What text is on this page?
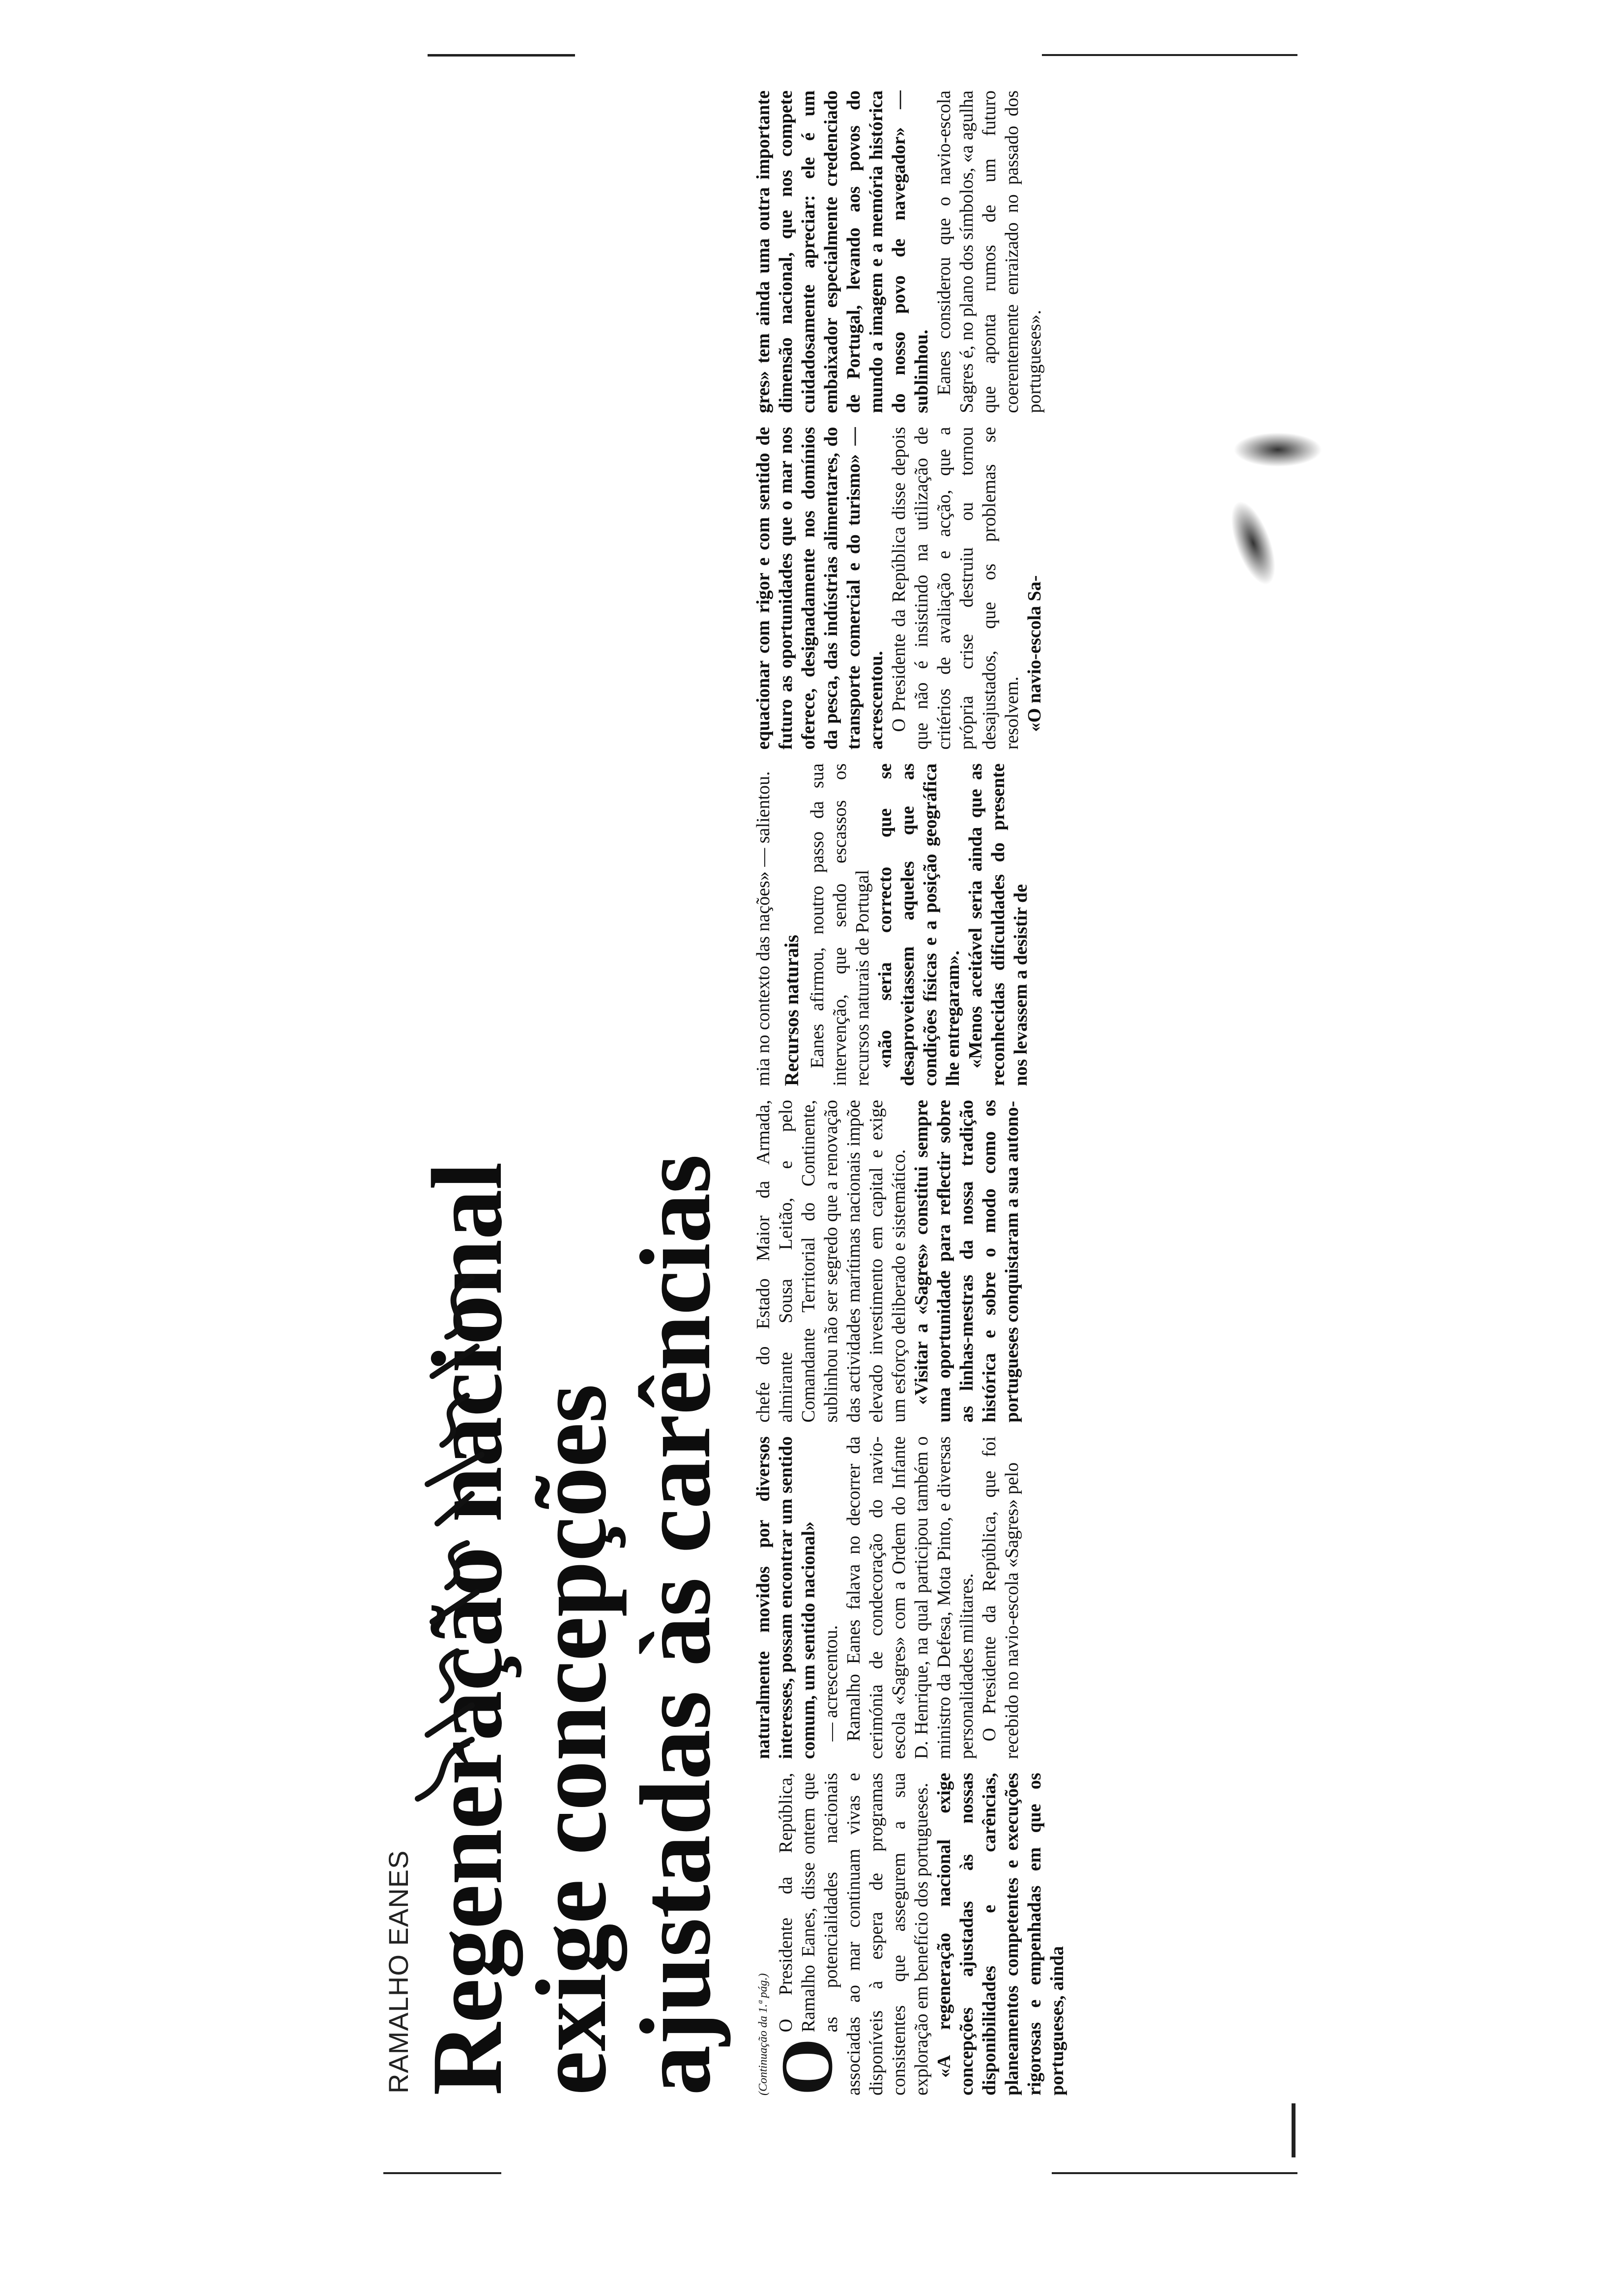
RAMALHO EANES
Regeneração nacional
exige concepções
ajustadas às carências	(Continuação da 1.ª pág.)

O
O Presidente da República, Ramalho Eanes, disse ontem que as potencialidades nacionais associadas ao mar continuam vivas e disponíveis à espera de programas consistentes que assegurem a sua exploração em benefício dos portugueses. «A regeneração nacional exige concepções ajustadas às nossas disponibilidades e carências, planeamentos competentes e execuções rigorosas e empenhadas em que os portugueses, ainda

naturalmente movidos por diversos interesses, possam encontrar um sentido comum, um sentido nacional» — acrescentou. Ramalho Eanes falava no decorrer da cerimónia de condecoração do navio-escola «Sagres» com a Ordem do Infante D. Henrique, na qual participou também o ministro da Defesa, Mota Pinto, e diversas personalidades militares. O Presidente da República, que foi recebido no navio-escola «Sagres» pelo

chefe do Estado Maior da Armada, almirante Sousa Leitão, e pelo Comandante Territorial do Continente, sublinhou não ser segredo que a renovação das actividades marítimas nacionais impõe elevado investimento em capital e exige um esforço deliberado e sistemático. «Visitar a «Sagres» constitui sempre uma oportunidade para reflectir sobre as linhas-mestras da nossa tradição histórica e sobre o modo como os portugueses conquistaram a sua autono-

mia no contexto das nações» — salientou. Recursos naturais Eanes afirmou, noutro passo da sua intervenção, que sendo escassos os recursos naturais de Portugal «não seria correcto que se desaproveitassem aqueles que as condições físicas e a posição geográfica lhe entregaram». «Menos aceitável seria ainda que as reconhecidas dificuldades do presente nos levassem a desistir de

equacionar com rigor e com sentido de futuro as oportunidades que o mar nos oferece, designadamente nos domínios da pesca, das indústrias alimentares, do transporte comercial e do turismo» — acrescentou. O Presidente da República disse depois que não é insistindo na utilização de critérios de avaliação e acção, que a própria crise destruiu ou tornou desajustados, que os problemas se resolvem. «O navio-escola Sa-

gres» tem ainda uma outra importante dimensão nacional, que nos compete cuidadosamente apreciar: ele é um embaixador especialmente credenciado de Portugal, levando aos povos do mundo a imagem e a memória histórica do nosso povo de navegador» — sublinhou. Eanes considerou que o navio-escola Sagres é, no plano dos símbolos, «a agulha que aponta rumos de um futuro coerentemente enraizado no passado dos portugueses».
